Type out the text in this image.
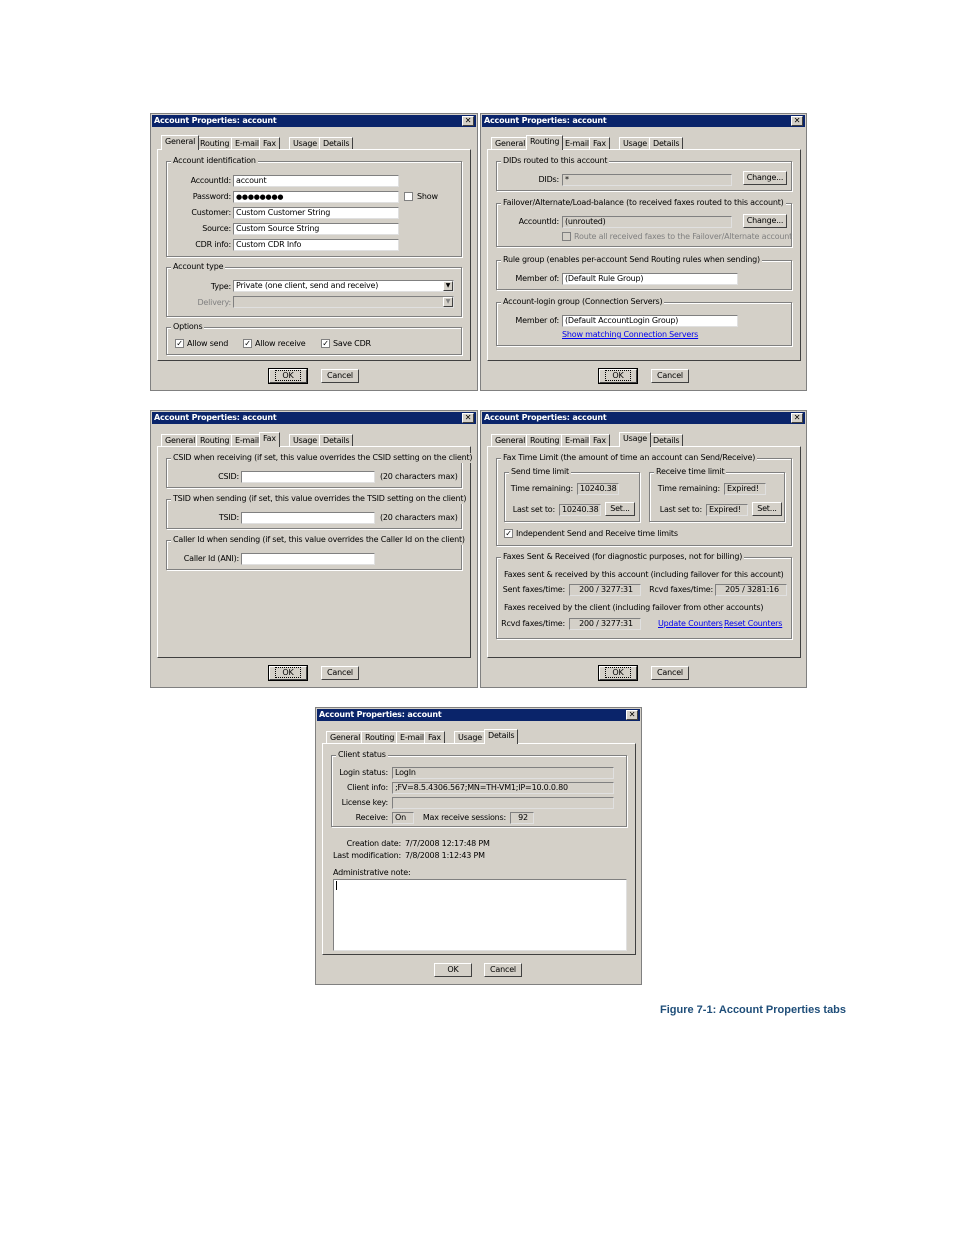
Account Properties: account	✕
General Routing E-mail Fax	Usage Details
Account identification
AccountId: account
Password: ●●●●●●●●	Show
Customer: Custom Customer String
Source: Custom Source String
CDR info: Custom CDR Info
Account type
Type: Private (one client, send and receive)	▼
Delivery:	▼
Options
✓ Allow send ✓ Allow receive ✓ Save CDR
OK	Cancel
Account Properties: account	✕
General Routing E-mail Fax	Usage Details
DIDs routed to this account
DIDs: *	Change...
Failover/Alternate/Load-balance (to received faxes routed to this account)
AccountId: (unrouted)	Change...
Route all received faxes to the Failover/Alternate account
Rule group (enables per-account Send Routing rules when sending)
Member of: (Default Rule Group)
Account-login group (Connection Servers)
Member of: (Default AccountLogin Group)
Show matching Connection Servers
OK	Cancel
Account Properties: account	✕
General Routing E-mail Fax	Usage Details
CSID when receiving (if set, this value overrides the CSID setting on the client)
CSID:	(20 characters max)
TSID when sending (if set, this value overrides the TSID setting on the client)
TSID:	(20 characters max)
Caller Id when sending (if set, this value overrides the Caller Id on the client)
Caller Id (ANI):
OK	Cancel
Account Properties: account	✕
General Routing E-mail Fax	Usage Details
Fax Time Limit (the amount of time an account can Send/Receive)
Send time limit
Time remaining: 10240.38
Last set to: 10240.38	Set...
Receive time limit
Time remaining: Expired!
Last set to: Expired!	Set...
✓ Independent Send and Receive time limits
Faxes Sent & Received (for diagnostic purposes, not for billing)
Faxes sent & received by this account (including failover for this account)
Sent faxes/time:	200 / 3277:31	Rcvd faxes/time:	205 / 3281:16
Faxes received by the client (including failover from other accounts)
Rcvd faxes/time:	200 / 3277:31	Update Counters Reset Counters
OK	Cancel
Account Properties: account	✕
General Routing E-mail Fax	Usage Details
Client status
Login status: LogIn
Client info: ;FV=8.5.4306.567;MN=TH-VM1;IP=10.0.0.80
License key:
Receive: On	Max receive sessions:	92
Creation date: 7/7/2008 12:17:48 PM
Last modification: 7/8/2008 1:12:43 PM
Administrative note:
OK	Cancel
Figure 7-1: Account Properties tabs
